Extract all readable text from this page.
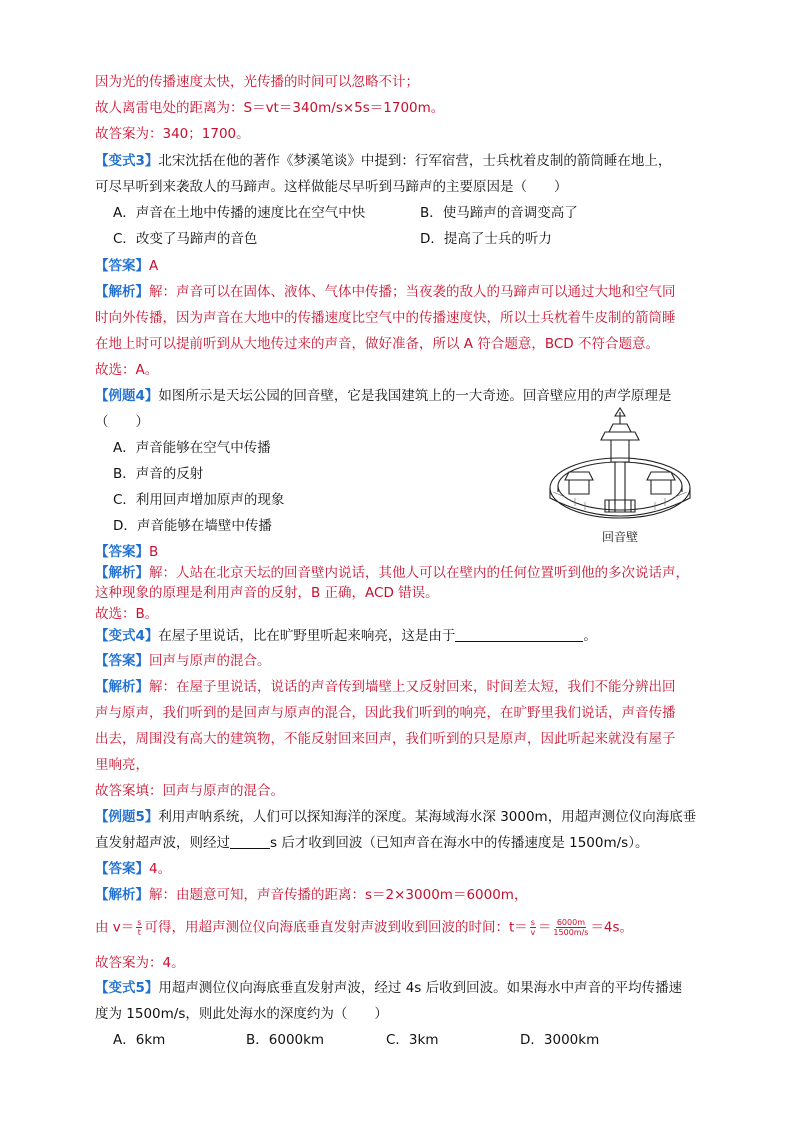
因为光的传播速度太快，光传播的时间可以忽略不计；
故人离雷电处的距离为：S＝vt＝340m/s×5s＝1700m。
故答案为：340；1700。
【变式3】北宋沈括在他的著作《梦溪笔谈》中提到：行军宿营，士兵枕着皮制的箭筒睡在地上，
可尽早听到来袭敌人的马蹄声。这样做能尽早听到马蹄声的主要原因是（　　）
A．声音在土地中传播的速度比在空气中快	B．使马蹄声的音调变高了
C．改变了马蹄声的音色	D．提高了士兵的听力
【答案】A
【解析】解：声音可以在固体、液体、气体中传播；当夜袭的敌人的马蹄声可以通过大地和空气同
时向外传播，因为声音在大地中的传播速度比空气中的传播速度快，所以士兵枕着牛皮制的箭筒睡
在地上时可以提前听到从大地传过来的声音，做好准备，所以 A 符合题意，BCD 不符合题意。
故选：A。
【例题4】如图所示是天坛公园的回音壁，它是我国建筑上的一大奇迹。回音壁应用的声学原理是
（　　）
A．声音能够在空气中传播
B．声音的反射
C．利用回声增加原声的现象
D．声音能够在墙壁中传播
回音壁
【答案】B
【解析】解：人站在北京天坛的回音壁内说话，其他人可以在壁内的任何位置听到他的多次说话声，
这种现象的原理是利用声音的反射，B 正确，ACD 错误。
故选：B。
【变式4】在屋子里说话，比在旷野里听起来响亮，这是由于	。
【答案】回声与原声的混合。
【解析】解：在屋子里说话，说话的声音传到墙壁上又反射回来，时间差太短，我们不能分辨出回
声与原声，我们听到的是回声与原声的混合，因此我们听到的响亮，在旷野里我们说话，声音传播
出去，周围没有高大的建筑物，不能反射回来回声，我们听到的只是原声，因此听起来就没有屋子
里响亮，
故答案填：回声与原声的混合。
【例题5】利用声呐系统，人们可以探知海洋的深度。某海域海水深 3000m，用超声测位仪向海底垂
直发射超声波，则经过	s 后才收到回波（已知声音在海水中的传播速度是 1500m/s）。
【答案】4。
【解析】解：由题意可知，声音传播的距离：s＝2×3000m＝6000m，
由 $v= \frac{s}{t}$ 可得，用超声测位仪向海底垂直发射声波到收到回波的时间：$t= \frac{s}{v} = \frac{6000m}{1500m/s} =4s$。
故答案为：4。
【变式5】用超声测位仪向海底垂直发射声波，经过 4s 后收到回波。如果海水中声音的平均传播速
度为 1500m/s，则此处海水的深度约为（　　）
A．6km	B．6000km	C．3km	D．3000km
